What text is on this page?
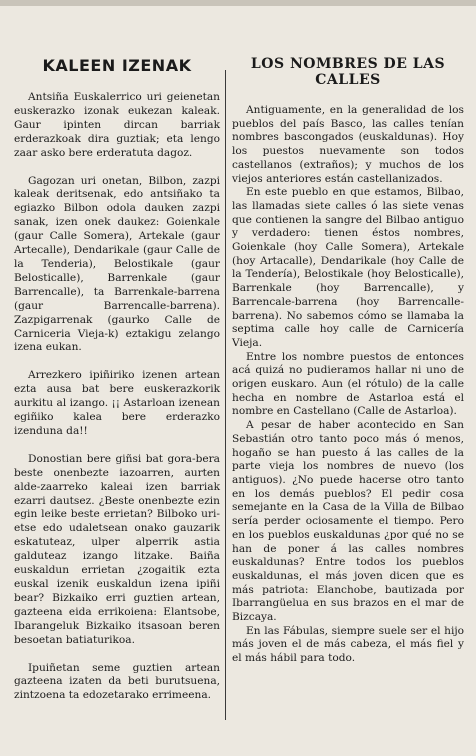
KALEEN IZENAK

Antsiña Euskalerrico uri geienetan euskerazko izonak eukezan kaleak. Gaur ipinten dircan barriak erderazkoak dira guztiak; eta lengo zaar asko bere erderatuta dagoz.

Gagozan uri onetan, Bilbon, zazpi kaleak deritsenak, edo antsiñako ta egiazko Bilbon odola dauken zazpi sanak, izen onek daukez: Goienkale (gaur Calle Somera), Artekale (gaur Artecalle), Dendarikale (gaur Calle de la Tenderia), Belostikale (gaur Belosticalle), Barrenkale (gaur Barrencalle), ta Barrenkale-barrena (gaur Barrencalle-barrena). Zazpigarrenak (gaurko Calle de Carniceria Vieja-k) eztakigu zelango izena eukan.

Arrezkero ipiñiriko izenen artean ezta ausa bat bere euskerazkorik aurkitu al izango. ¡¡ Astarloan izenean egiñiko kalea bere erderazko izenduna da!!

Donostian bere giñsi bat gora-bera beste onenbezte iazoarren, aurten alde-zaarreko kaleai izen barriak ezarri dautsez. ¿Beste onenbezte ezin egin leike beste errietan? Bilboko uri-etse edo udaletsean onako gauzarik eskatuteaz, ulper alperrik astia galduteaz izango litzake. Baiña euskaldun errietan ¿zogaitik ezta euskal izenik euskaldun izena ipiñi bear? Bizkaiko erri guztien artean, gazteena eida errikoienа: Elantsobe, Ibarangeluk Bizkaiko itsasoan beren besoetan batiaturikoa.

Ipuiñetan seme guztien artean gazteena izaten da beti burutsuena, zintzoena ta edozetarako errimeena.

LOS NOMBRES DE LAS CALLES

Antiguamente, en la generalidad de los pueblos del país Basco, las calles tenían nombres bascongados (euskaldunas). Hoy los puestos nuevamente son todos castellanos (extraños); y muchos de los viejos anteriores están castellanizados.

En este pueblo en que estamos, Bilbao, las llamadas siete calles ó las siete venas que contienen la sangre del Bilbao antiguo y verdadero: tienen éstos nombres, Goienkale (hoy Calle Somera), Artekale (hoy Artacalle), Dendarikale (hoy Calle de la Tendería), Belostikale (hoy Belosticalle), Barrenkale (hoy Barrencalle), y Barrencale-barrena (hoy Barrencalle-barrena). No sabemos cómo se llamaba la septima calle hoy calle de Carnicería Vieja.

Entre los nombre puestos de entonces acá quizá no pudieramos hallar ni uno de origen euskaro. Aun (el rótulo) de la calle hecha en nombre de Astarloa está el nombre en Castellano (Calle de Astarloa).

A pesar de haber acontecido en San Sebastián otro tanto poco más ó menos, hogaño se han puesto á las calles de la parte vieja los nombres de nuevo (los antiguos). ¿No puede hacerse otro tanto en los demás pueblos? El pedir cosa semejante en la Casa de la Villa de Bilbao sería perder ociosamente el tiempo. Pero en los pueblos euskaldunas ¿por qué no se han de poner á las calles nombres euskaldunas? Entre todos los pueblos euskaldunas, el más joven dicen que es más patriota: Elanchobe, bautizada por Ibarrangüelua en sus brazos en el mar de Bizcaya.

En las Fábulas, siempre suele ser el hijo más joven el de más cabeza, el más fiel y el más hábil para todo.
